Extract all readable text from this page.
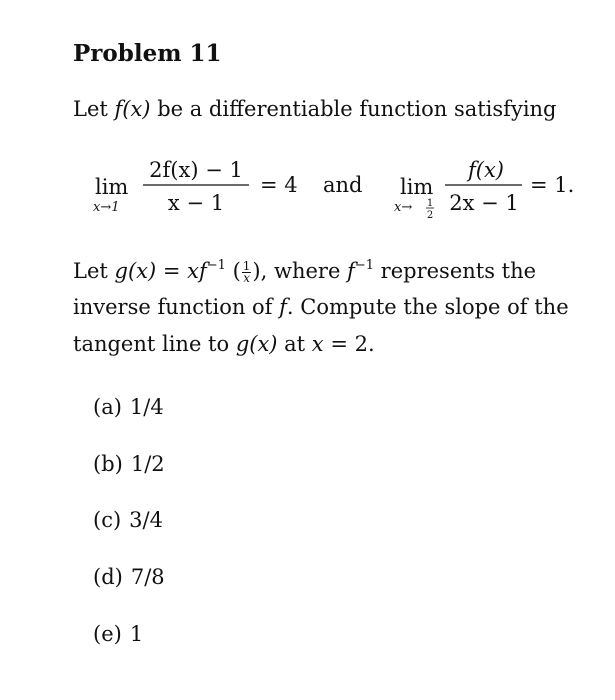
Problem 11
Let f(x) be a differentiable function satisfying
lim
x→1
2f(x) − 1
x − 1
= 4 and lim
x→ 1
2
f(x)
2x − 1
= 1.
Let $g(x) = xf^{-1}$ ( $\frac{1}{x}$ ), where $f^{-1}$ represents the
inverse function of f. Compute the slope of the
tangent line to g(x) at x = 2.
(a) 1/4
(b) 1/2
(c) 3/4
(d) 7/8
(e) 1
